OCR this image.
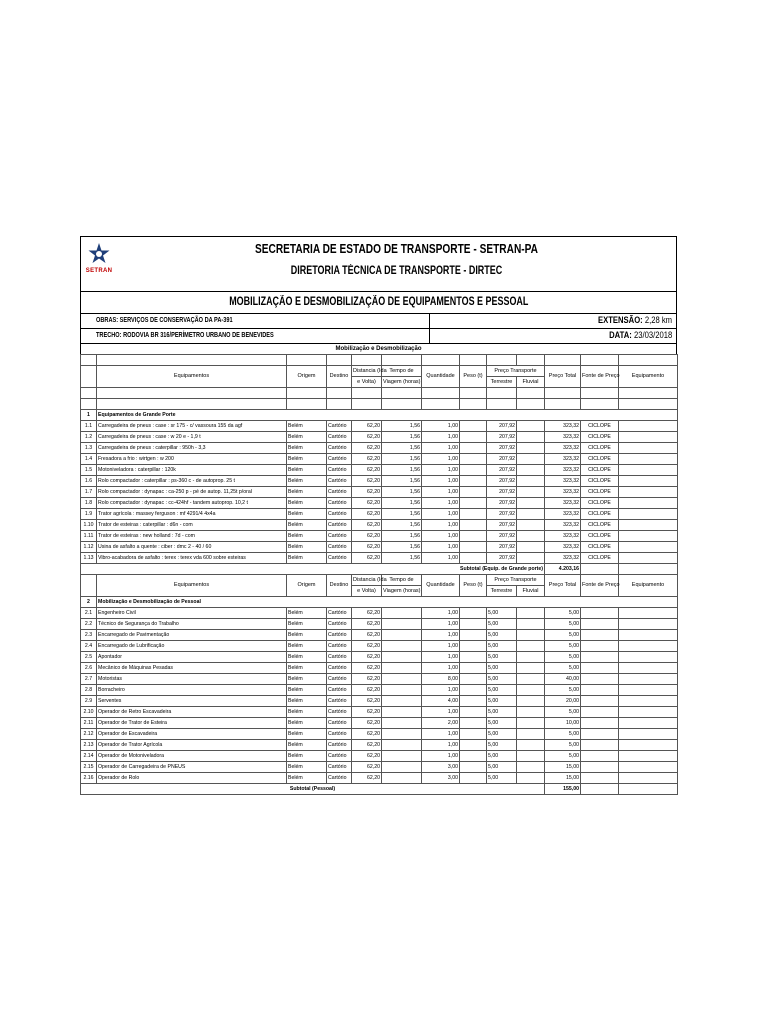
SETRAN
SECRETARIA DE ESTADO DE TRANSPORTE - SETRAN-PA
DIRETORIA TÉCNICA DE TRANSPORTE - DIRTEC
MOBILIZAÇÃO E DESMOBILIZAÇÃO DE EQUIPAMENTOS E PESSOAL
OBRAS: SERVIÇOS DE CONSERVAÇÃO DA PA-391	EXTENSÃO: 2,28 km
TRECHO: RODOVIA BR 316/PERÍMETRO URBANO DE BENEVIDES	DATA: 23/03/2018
Mobilização e Desmobilização

	Equipamentos	Origem	Destino	Distancia (Ida	Tempo de	Quantidade	Peso (t)	Preço Transporte		Preço Total	Fonte de Preço	Equipamento
				e Volta)	Viagem (horas)			Terrestre	Fluvial			

1	Equipamentos de Grande Porte											
1.1	Carregadeira de pneus : case : sr 175 - c/ vassoura 155 da agf	Belém	Cartório	62,20	1,56	1,00		207,92		323,32	CICLOPE	
1.2	Carregadeira de pneus : case : w 20 e - 1,9 t	Belém	Cartório	62,20	1,56	1,00		207,92		323,32	CICLOPE	
1.3	Carregadeira de pneus : caterpillar : 950h - 3,3	Belém	Cartório	62,20	1,56	1,00		207,92		323,32	CICLOPE	
1.4	Fresadora a frio : wirtgen : w 200	Belém	Cartório	62,20	1,56	1,00		207,92		323,32	CICLOPE	
1.5	Motoniveladora : caterpillar : 120k	Belém	Cartório	62,20	1,56	1,00		207,92		323,32	CICLOPE	
1.6	Rolo compactador : caterpillar : ps-360 c - de autoprop. 25 t	Belém	Cartório	62,20	1,56	1,00		207,92		323,32	CICLOPE	
1.7	Rolo compactador : dynapac : ca-250 p - pé de autop. 11,25t p/oral	Belém	Cartório	62,20	1,56	1,00		207,92		323,32	CICLOPE	
1.8	Rolo compactador : dynapac : cc-424hf - tandem autoprop. 10,2 t	Belém	Cartório	62,20	1,56	1,00		207,92		323,32	CICLOPE	
1.9	Trator agrícola : massey ferguson : mf 4291/4 4x4a	Belém	Cartório	62,20	1,56	1,00		207,92		323,32	CICLOPE	
1.10	Trator de esteiras : caterpillar : d6n - com	Belém	Cartório	62,20	1,56	1,00		207,92		323,32	CICLOPE	
1.11	Trator de esteiras : new holland : 7d - com	Belém	Cartório	62,20	1,56	1,00		207,92		323,32	CICLOPE	
1.12	Usina de asfalto a quente : ciber : dmc 2 - 40 / 60	Belém	Cartório	62,20	1,56	1,00		207,92		323,32	CICLOPE	
1.13	Vibro-acabadora de asfalto : terex : terex vda 600 sobre esteiras	Belém	Cartório	62,20	1,56	1,00		207,92		323,32	CICLOPE	
Subtotal (Equip. de Grande porte)										4.203,16		
	Equipamentos	Origem	Destino	Distancia (Ida	Tempo de	Quantidade	Peso (t)	Preço Transporte		Preço Total	Fonte de Preço	Equipamento
				e Volta)	Viagem (horas)			Terrestre	Fluvial			
2	Mobilização e Desmobilização de Pessoal											
2.1	Engenheiro Civil	Belém	Cartório	62,20		1,00		5,00		5,00		
2.2	Técnico de Segurança do Trabalho	Belém	Cartório	62,20		1,00		5,00		5,00		
2.3	Encarregado de Pavimentação	Belém	Cartório	62,20		1,00		5,00		5,00		
2.4	Encarregado de Lubrificação	Belém	Cartório	62,20		1,00		5,00		5,00		
2.5	Apontador	Belém	Cartório	62,20		1,00		5,00		5,00		
2.6	Mecânico de Máquinas Pesadas	Belém	Cartório	62,20		1,00		5,00		5,00		
2.7	Motoristas	Belém	Cartório	62,20		8,00		5,00		40,00		
2.8	Borracheiro	Belém	Cartório	62,20		1,00		5,00		5,00		
2.9	Serventes	Belém	Cartório	62,20		4,00		5,00		20,00		
2.10	Operador de Retro Escavadeira	Belém	Cartório	62,20		1,00		5,00		5,00		
2.11	Operador de Trator de Esteira	Belém	Cartório	62,20		2,00		5,00		10,00		
2.12	Operador de Escavadeira	Belém	Cartório	62,20		1,00		5,00		5,00		
2.13	Operador de Trator Agrícola	Belém	Cartório	62,20		1,00		5,00		5,00		
2.14	Operador de Motoniveladora	Belém	Cartório	62,20		1,00		5,00		5,00		
2.15	Operador de Carregadeira de PNEUS	Belém	Cartório	62,20		3,00		5,00		15,00		
2.16	Operador de Rolo	Belém	Cartório	62,20		3,00		5,00		15,00		
Subtotal (Pessoal)										155,00		
